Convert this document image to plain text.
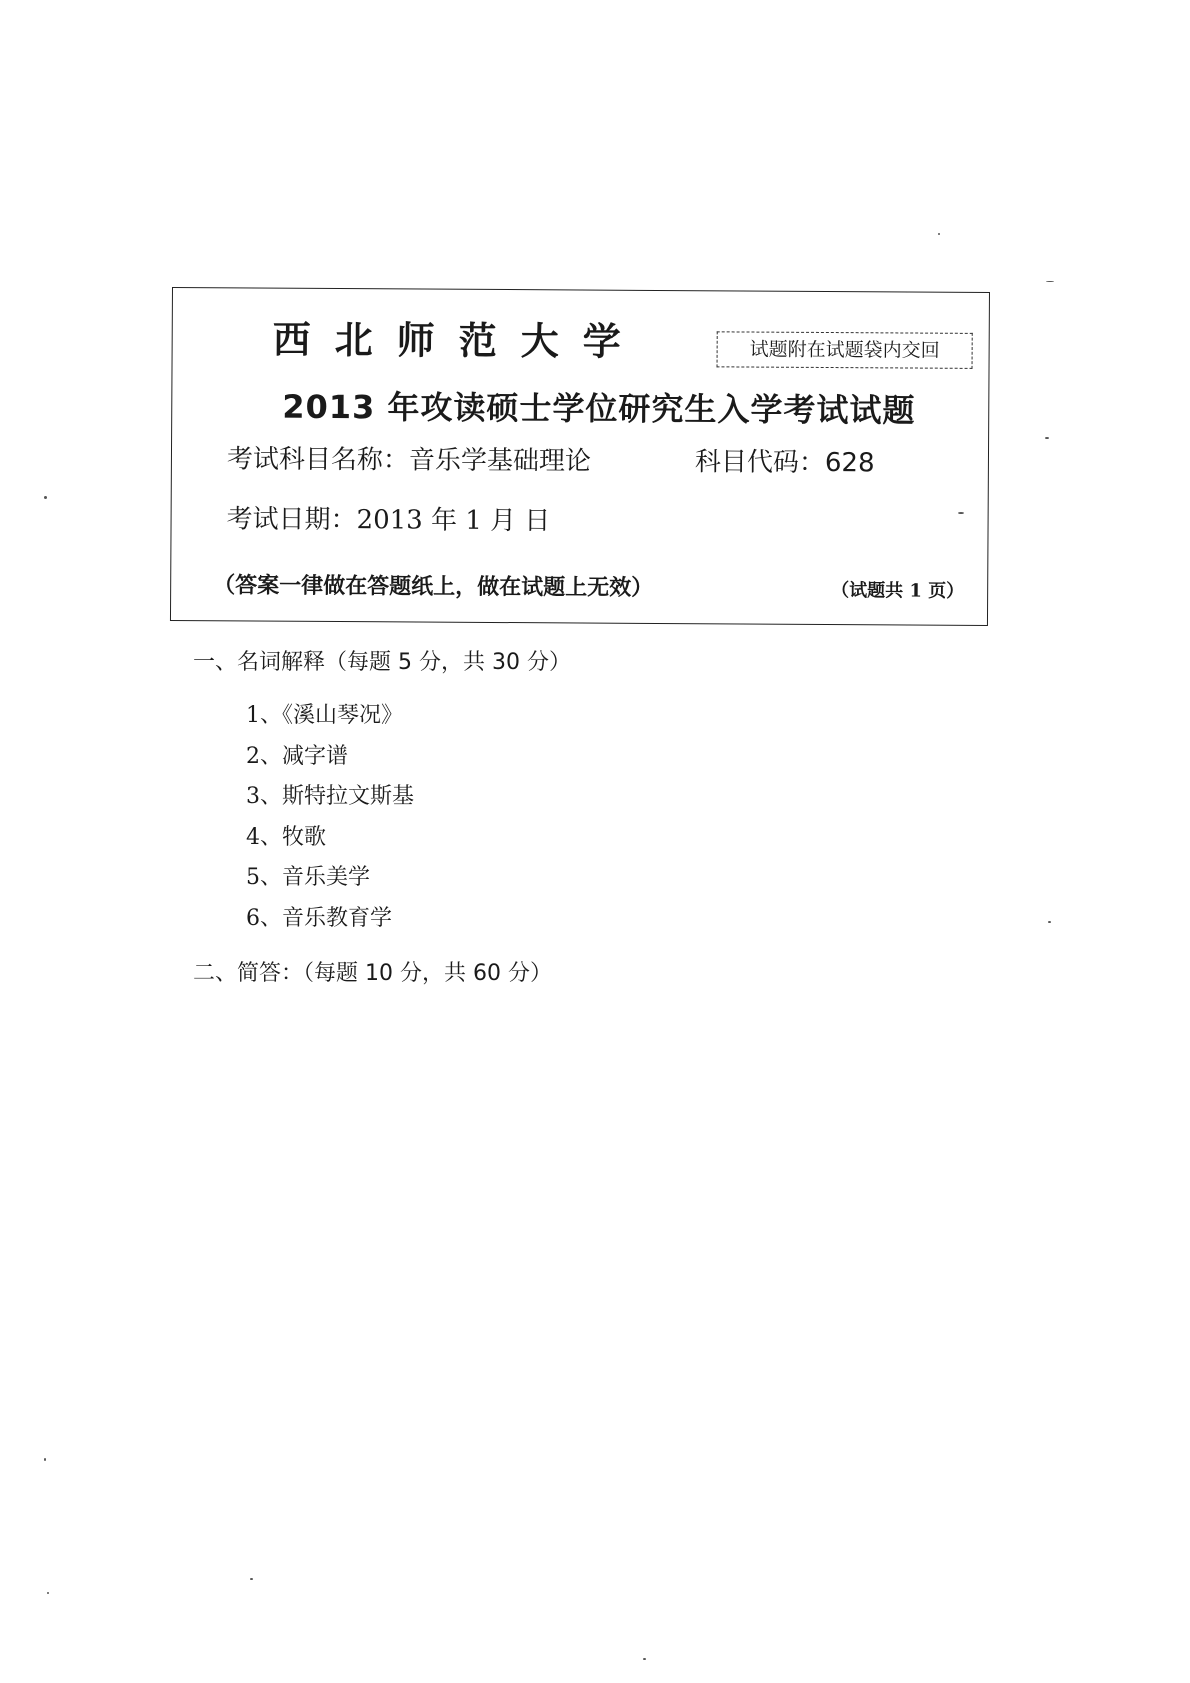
西北师范大学	试题附在试题袋内交回
2013 年攻读硕士学位研究生入学考试试题
考试科目名称：音乐学基础理论	科目代码：628
考试日期：2013 年 1 月 日
（答案一律做在答题纸上，做在试题上无效）	（试题共 1 页）
一、名词解释（每题 5 分，共 30 分）
1、《溪山琴况》
2、减字谱
3、斯特拉文斯基
4、牧歌
5、音乐美学
6、音乐教育学
二、简答：（每题 10 分，共 60 分）
